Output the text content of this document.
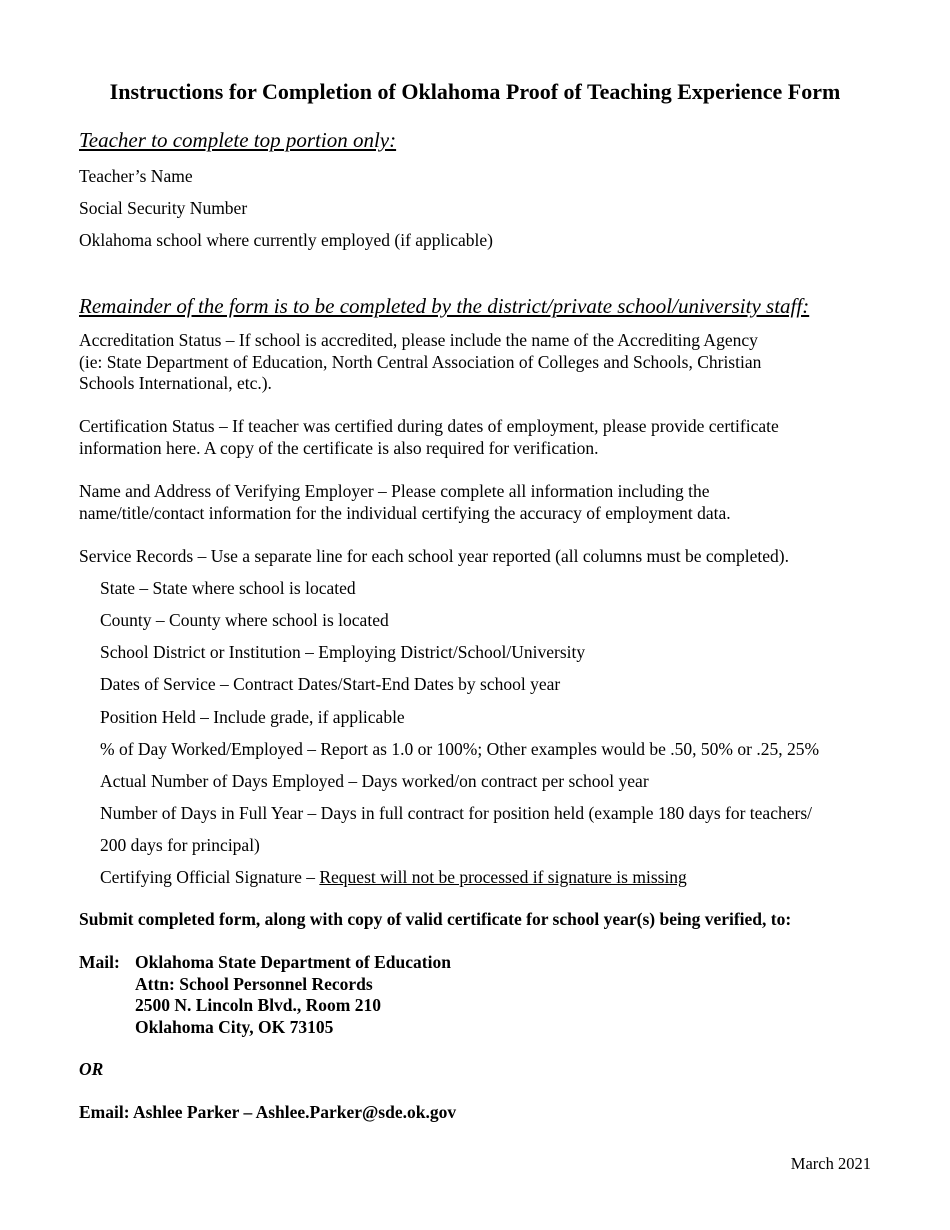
Instructions for Completion of Oklahoma Proof of Teaching Experience Form
Teacher to complete top portion only:
Teacher’s Name
Social Security Number
Oklahoma school where currently employed (if applicable)
Remainder of the form is to be completed by the district/private school/university staff:
Accreditation Status – If school is accredited, please include the name of the Accrediting Agency
(ie: State Department of Education, North Central Association of Colleges and Schools, Christian
Schools International, etc.).
Certification Status – If teacher was certified during dates of employment, please provide certificate
information here. A copy of the certificate is also required for verification.
Name and Address of Verifying Employer – Please complete all information including the
name/title/contact information for the individual certifying the accuracy of employment data.
Service Records – Use a separate line for each school year reported (all columns must be completed).
State – State where school is located
County – County where school is located
School District or Institution – Employing District/School/University
Dates of Service – Contract Dates/Start-End Dates by school year
Position Held – Include grade, if applicable
% of Day Worked/Employed – Report as 1.0 or 100%; Other examples would be .50, 50% or .25, 25%
Actual Number of Days Employed – Days worked/on contract per school year
Number of Days in Full Year – Days in full contract for position held (example 180 days for teachers/
200 days for principal)
Certifying Official Signature – Request will not be processed if signature is missing
Submit completed form, along with copy of valid certificate for school year(s) being verified, to:
Mail: Oklahoma State Department of Education
Attn: School Personnel Records
2500 N. Lincoln Blvd., Room 210
Oklahoma City, OK 73105
OR
Email: Ashlee Parker – Ashlee.Parker@sde.ok.gov
March 2021
